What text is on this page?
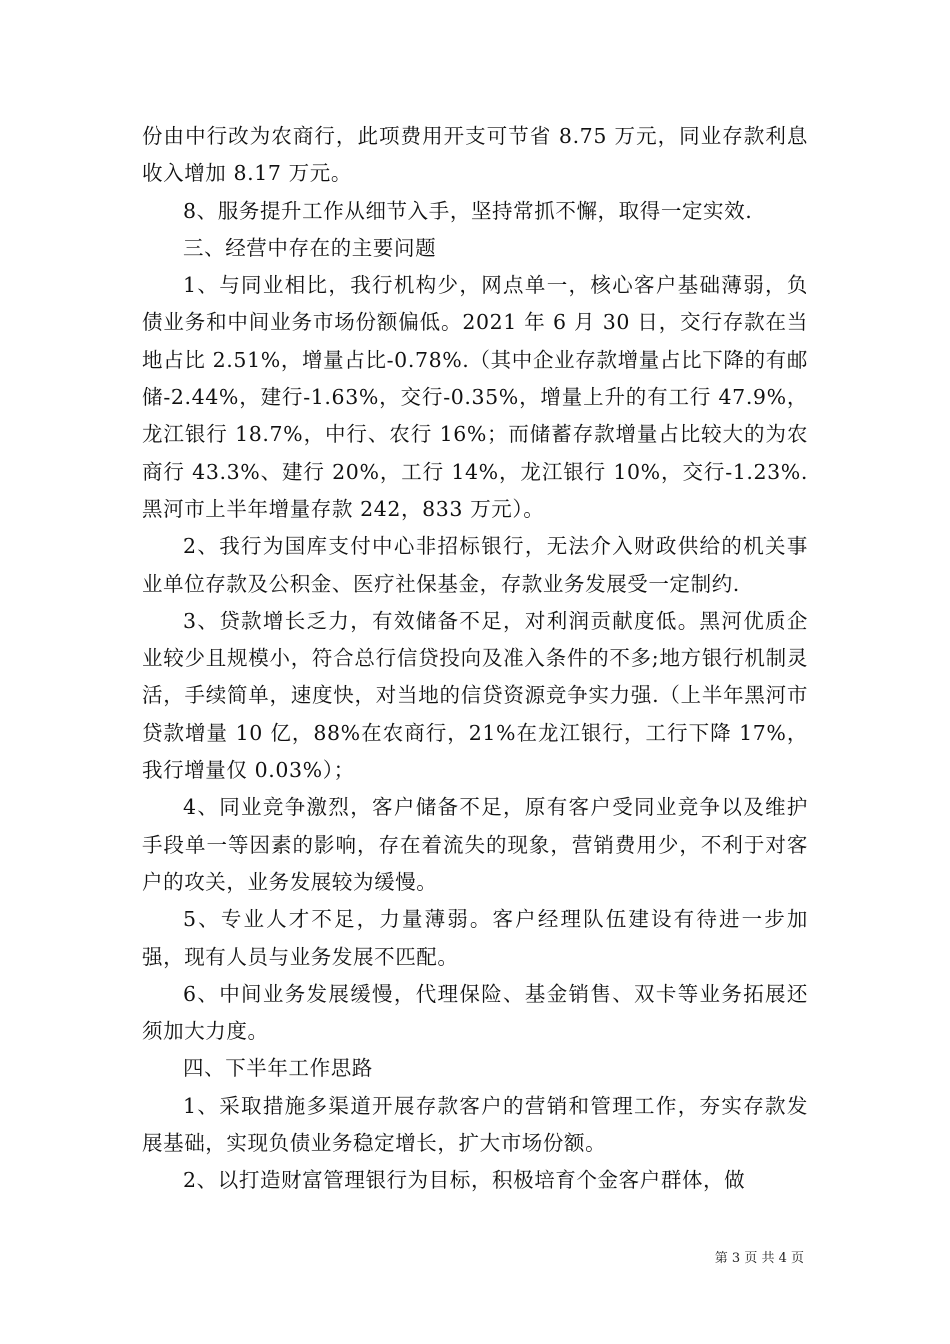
份由中行改为农商行，此项费用开支可节省 8.75 万元，同业存款利息收入增加 8.17 万元。

8、服务提升工作从细节入手，坚持常抓不懈，取得一定实效.

三、经营中存在的主要问题

1、与同业相比，我行机构少，网点单一，核心客户基础薄弱，负债业务和中间业务市场份额偏低。2021 年 6 月 30 日，交行存款在当地占比 2.51%，增量占比-0.78%.（其中企业存款增量占比下降的有邮储-2.44%，建行-1.63%，交行-0.35%，增量上升的有工行 47.9%，龙江银行 18.7%，中行、农行 16%；而储蓄存款增量占比较大的为农商行 43.3%、建行 20%，工行 14%，龙江银行 10%，交行-1.23%.黑河市上半年增量存款 242，833 万元）。

2、我行为国库支付中心非招标银行，无法介入财政供给的机关事业单位存款及公积金、医疗社保基金，存款业务发展受一定制约.

3、贷款增长乏力，有效储备不足，对利润贡献度低。黑河优质企业较少且规模小，符合总行信贷投向及准入条件的不多;地方银行机制灵活，手续简单，速度快，对当地的信贷资源竞争实力强.（上半年黑河市贷款增量 10 亿，88%在农商行，21%在龙江银行，工行下降 17%，我行增量仅 0.03%）；

4、同业竞争激烈，客户储备不足，原有客户受同业竞争以及维护手段单一等因素的影响，存在着流失的现象，营销费用少，不利于对客户的攻关，业务发展较为缓慢。

5、专业人才不足，力量薄弱。客户经理队伍建设有待进一步加强，现有人员与业务发展不匹配。

6、中间业务发展缓慢，代理保险、基金销售、双卡等业务拓展还须加大力度。

四、下半年工作思路

1、采取措施多渠道开展存款客户的营销和管理工作，夯实存款发展基础，实现负债业务稳定增长，扩大市场份额。

2、以打造财富管理银行为目标，积极培育个金客户群体，做

第 3 页 共 4 页
